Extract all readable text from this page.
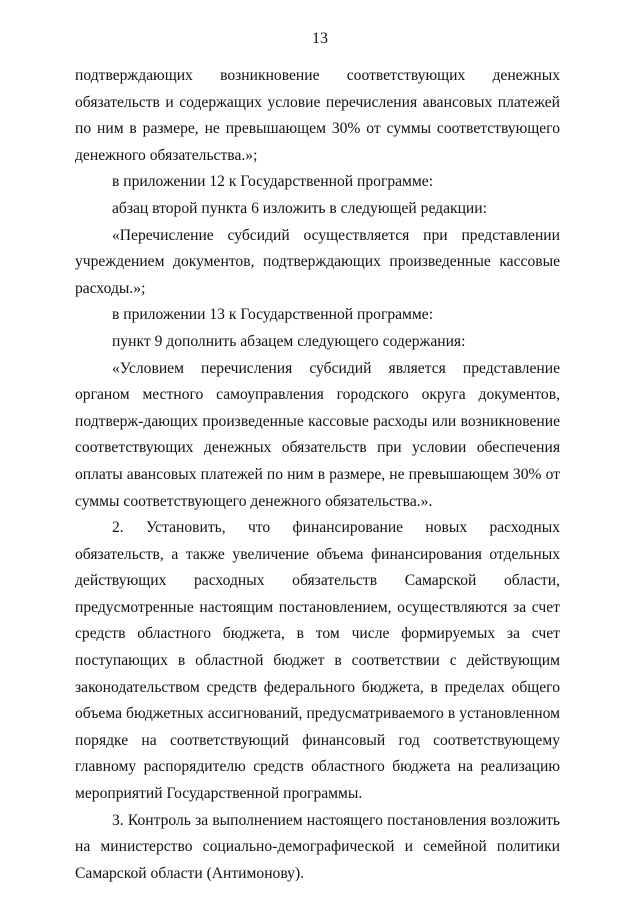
13

подтверждающих возникновение соответствующих денежных обязательств и содержащих условие перечисления авансовых платежей по ним в размере, не превышающем 30% от суммы соответствующего денежного обязательства.»;

в приложении 12 к Государственной программе:

абзац второй пункта 6 изложить в следующей редакции:

«Перечисление субсидий осуществляется при представлении учреждением документов, подтверждающих произведенные кассовые расходы.»;

в приложении 13 к Государственной программе:

пункт 9 дополнить абзацем следующего содержания:

«Условием перечисления субсидий является представление органом местного самоуправления городского округа документов, подтверж-дающих произведенные кассовые расходы или возникновение соответствующих денежных обязательств при условии обеспечения оплаты авансовых платежей по ним в размере, не превышающем 30% от суммы соответствующего денежного обязательства.».

2. Установить, что финансирование новых расходных обязательств, а также увеличение объема финансирования отдельных действующих расходных обязательств Самарской области, предусмотренные настоящим постановлением, осуществляются за счет средств областного бюджета, в том числе формируемых за счет поступающих в областной бюджет в соответствии с действующим законодательством средств федерального бюджета, в пределах общего объема бюджетных ассигнований, предусматриваемого в установленном порядке на соответствующий финансовый год соответствующему главному распорядителю средств областного бюджета на реализацию мероприятий Государственной программы.

3. Контроль за выполнением настоящего постановления возложить на министерство социально-демографической и семейной политики Самарской области (Антимонову).
